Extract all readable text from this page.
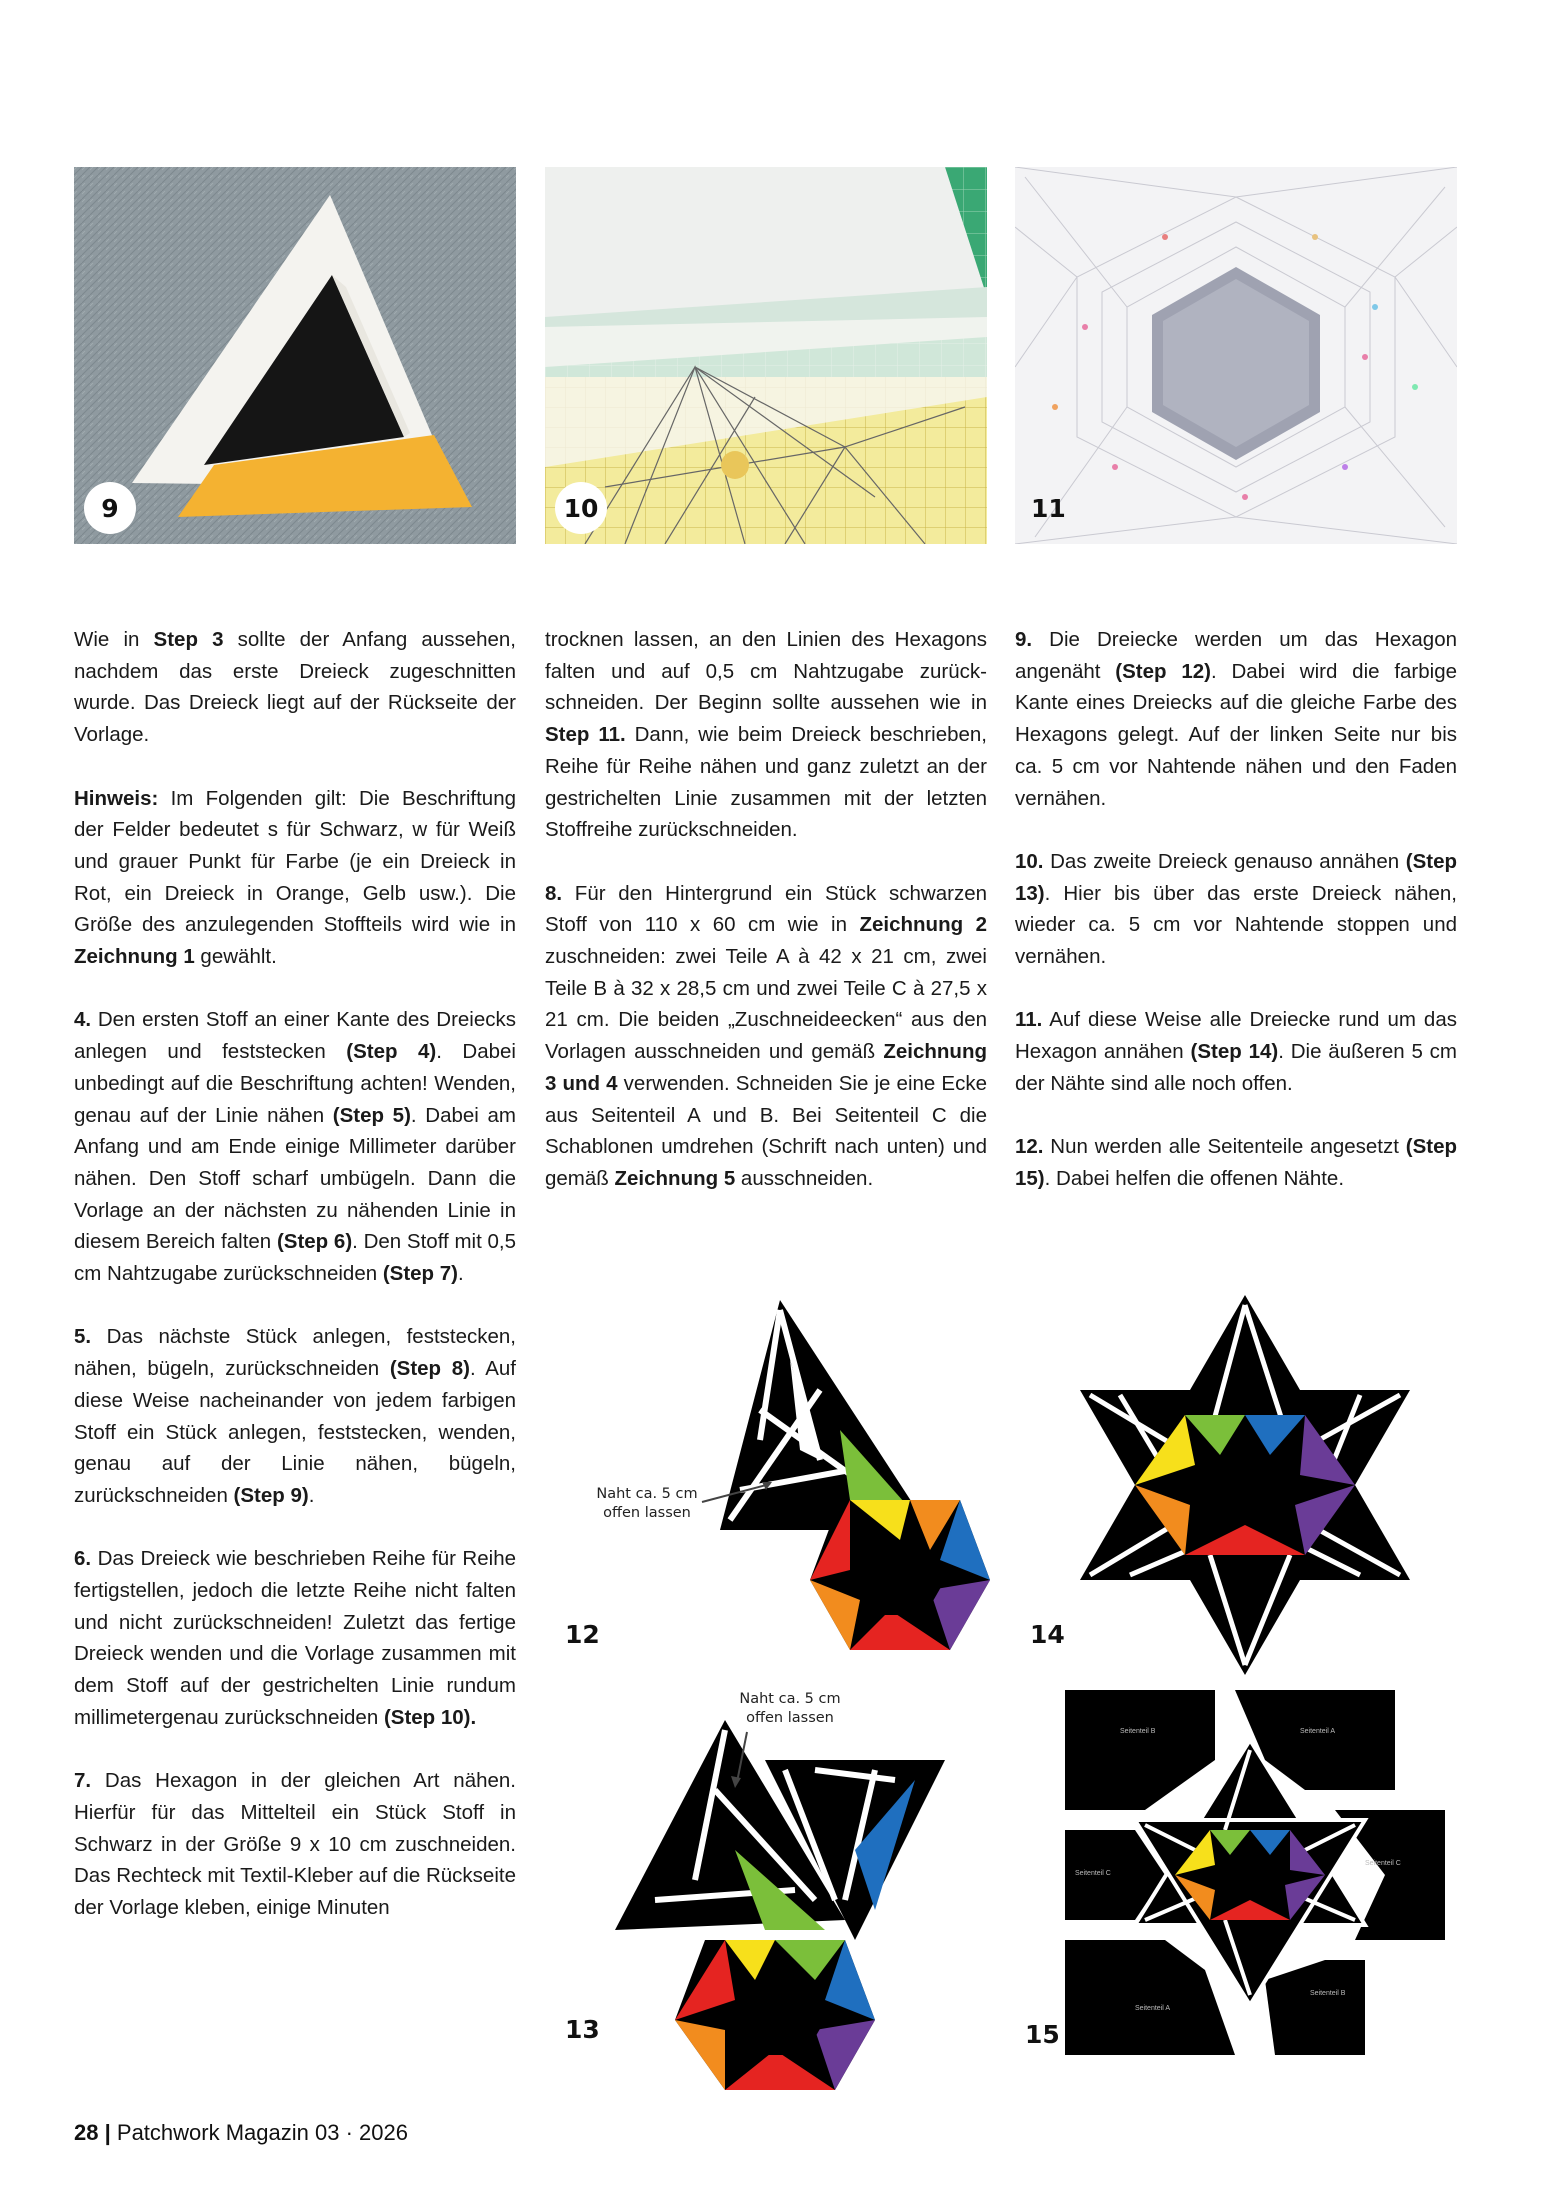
9	10	11

Wie in Step 3 sollte der Anfang aussehen, nachdem das erste Dreieck zugeschnitten wurde. Das Dreieck liegt auf der Rückseite der Vorlage.

Hinweis: Im Folgenden gilt: Die Beschriftung der Felder bedeutet s für Schwarz, w für Weiß und grauer Punkt für Farbe (je ein Dreieck in Rot, ein Dreieck in Orange, Gelb usw.). Die Größe des anzulegenden Stoffteils wird wie in Zeichnung 1 gewählt.

4. Den ersten Stoff an einer Kante des Dreiecks anlegen und feststecken (Step 4). Dabei unbedingt auf die Beschriftung achten! Wenden, genau auf der Linie nähen (Step 5). Dabei am Anfang und am Ende einige Millimeter darüber nähen. Den Stoff scharf umbügeln. Dann die Vorlage an der nächsten zu nähenden Linie in diesem Bereich falten (Step 6). Den Stoff mit 0,5 cm Nahtzugabe zurückschneiden (Step 7).

5. Das nächste Stück anlegen, feststecken, nähen, bügeln, zurückschneiden (Step 8). Auf diese Weise nacheinander von jedem farbigen Stoff ein Stück anlegen, feststecken, wenden, genau auf der Linie nähen, bügeln, zurückschneiden (Step 9).

6. Das Dreieck wie beschrieben Reihe für Reihe fertigstellen, jedoch die letzte Reihe nicht falten und nicht zurückschneiden! Zuletzt das fertige Dreieck wenden und die Vorlage zusammen mit dem Stoff auf der gestrichelten Linie rundum millimetergenau zurückschneiden (Step 10).

7. Das Hexagon in der gleichen Art nähen. Hierfür für das Mittelteil ein Stück Stoff in Schwarz in der Größe 9 x 10 cm zuschneiden. Das Rechteck mit Textil-Kleber auf die Rückseite der Vorlage kleben, einige Minuten

trocknen lassen, an den Linien des Hexagons falten und auf 0,5 cm Nahtzugabe zurückschneiden. Der Beginn sollte aussehen wie in Step 11. Dann, wie beim Dreieck beschrieben, Reihe für Reihe nähen und ganz zuletzt an der gestrichelten Linie zusammen mit der letzten Stoffreihe zurückschneiden.

8. Für den Hintergrund ein Stück schwarzen Stoff von 110 x 60 cm wie in Zeichnung 2 zuschneiden: zwei Teile A à 42 x 21 cm, zwei Teile B à 32 x 28,5 cm und zwei Teile C à 27,5 x 21 cm. Die beiden „Zuschneideecken“ aus den Vorlagen ausschneiden und gemäß Zeichnung 3 und 4 verwenden. Schneiden Sie je eine Ecke aus Seitenteil A und B. Bei Seitenteil C die Schablonen umdrehen (Schrift nach unten) und gemäß Zeichnung 5 ausschneiden.

9. Die Dreiecke werden um das Hexagon angenäht (Step 12). Dabei wird die farbige Kante eines Dreiecks auf die gleiche Farbe des Hexagons gelegt. Auf der linken Seite nur bis ca. 5 cm vor Nahtende nähen und den Faden vernähen.

10. Das zweite Dreieck genauso annähen (Step 13). Hier bis über das erste Dreieck nähen, wieder ca. 5 cm vor Nahtende stoppen und vernähen.

11. Auf diese Weise alle Dreiecke rund um das Hexagon annähen (Step 14). Die äußeren 5 cm der Nähte sind alle noch offen.

12. Nun werden alle Seitenteile angesetzt (Step 15). Dabei helfen die offenen Nähte.

Naht ca. 5 cm
offen lassen
12
Naht ca. 5 cm
offen lassen
13
14
Seitenteil B	Seitenteil A
Seitenteil C
Seitenteil C
Seitenteil A
Seitenteil B
15
28 | Patchwork Magazin 03 · 2026
